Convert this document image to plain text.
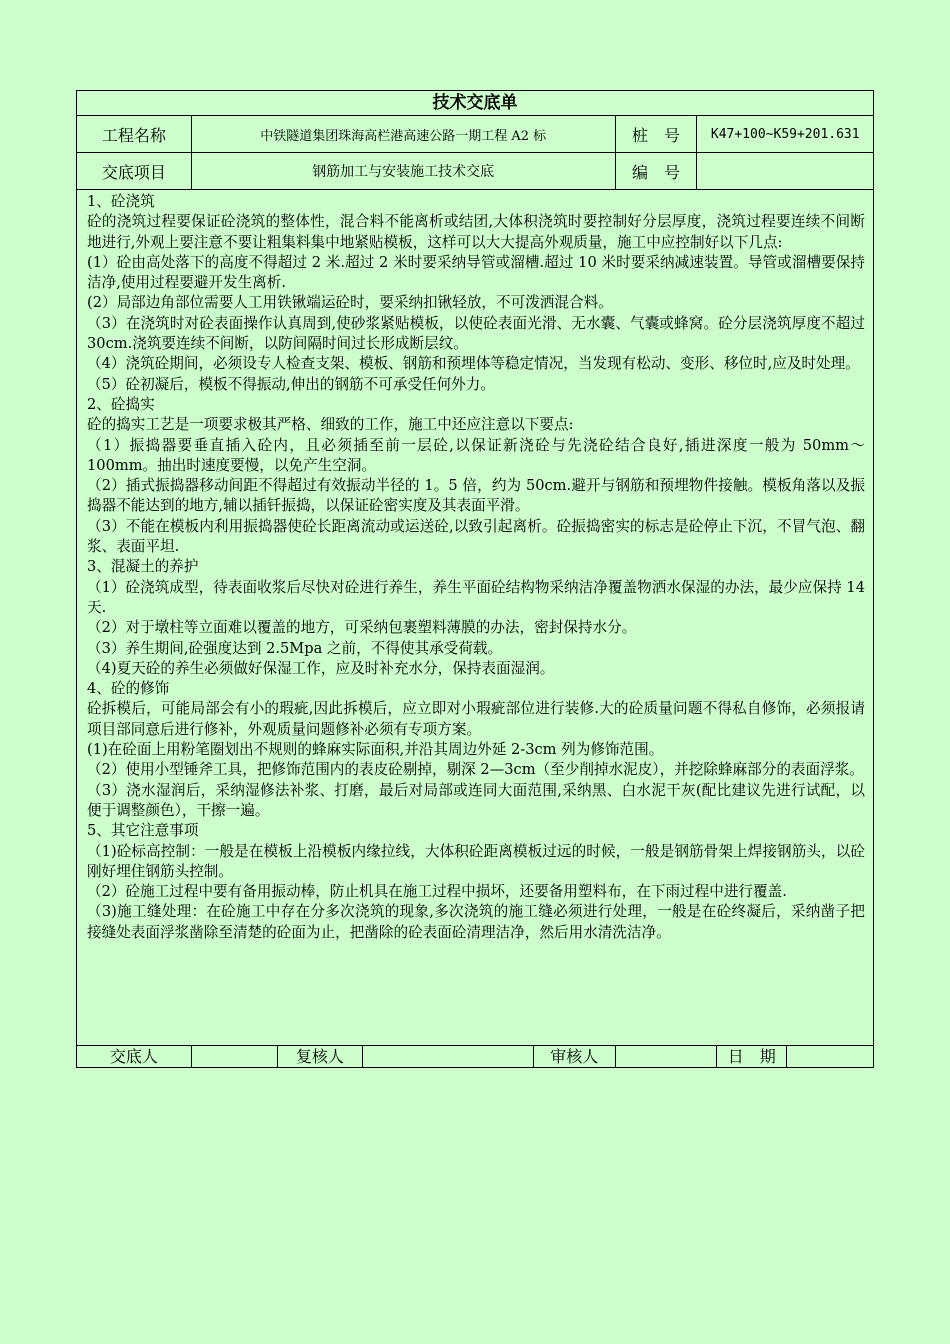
技术交底单
工程名称	中铁隧道集团珠海高栏港高速公路一期工程 A2 标	桩　号	K47+100~K59+201.631
交底项目	钢筋加工与安装施工技术交底	编　号

1、砼浇筑

砼的浇筑过程要保证砼浇筑的整体性，混合料不能离析或结团,大体积浇筑时要控制好分层厚度，浇筑过程要连续不间断地进行,外观上要注意不要让粗集料集中地紧贴模板，这样可以大大提高外观质量，施工中应控制好以下几点:

(1）砼由高处落下的高度不得超过 2 米.超过 2 米时要采纳导管或溜槽.超过 10 米时要采纳减速装置。导管或溜槽要保持洁净,使用过程要避开发生离析.

(2）局部边角部位需要人工用铁锹端运砼时，要采纳扣锹轻放，不可泼洒混合料。

（3）在浇筑时对砼表面操作认真周到,使砂浆紧贴模板，以使砼表面光滑、无水囊、气囊或蜂窝。砼分层浇筑厚度不超过 30cm.浇筑要连续不间断，以防间隔时间过长形成断层纹。

（4）浇筑砼期间，必须设专人检查支架、模板、钢筋和预埋体等稳定情况，当发现有松动、变形、移位时,应及时处理。

（5）砼初凝后，模板不得振动,伸出的钢筋不可承受任何外力。

2、砼捣实

砼的捣实工艺是一项要求极其严格、细致的工作，施工中还应注意以下要点:

（1）振捣器要垂直插入砼内，且必须插至前一层砼,以保证新浇砼与先浇砼结合良好,插进深度一般为 50mm～100mm。抽出时速度要慢，以免产生空洞。

（2）插式振捣器移动间距不得超过有效振动半径的 1。5 倍，约为 50cm.避开与钢筋和预埋物件接触。模板角落以及振捣器不能达到的地方,辅以插钎振捣，以保证砼密实度及其表面平滑。

（3）不能在模板内利用振捣器使砼长距离流动或运送砼,以致引起离析。砼振捣密实的标志是砼停止下沉，不冒气泡、翻浆、表面平坦.

3、混凝土的养护

（1）砼浇筑成型，待表面收浆后尽快对砼进行养生，养生平面砼结构物采纳洁净覆盖物洒水保湿的办法，最少应保持 14 天.

（2）对于墩柱等立面难以覆盖的地方，可采纳包裹塑料薄膜的办法，密封保持水分。

（3）养生期间,砼强度达到 2.5Mpa 之前，不得使其承受荷载。

（4)夏天砼的养生必须做好保湿工作，应及时补充水分，保持表面湿润。

4、砼的修饰

砼拆模后，可能局部会有小的瑕疵,因此拆模后，应立即对小瑕疵部位进行装修.大的砼质量问题不得私自修饰，必须报请项目部同意后进行修补，外观质量问题修补必须有专项方案。

(1)在砼面上用粉笔圈划出不规则的蜂麻实际面积,并沿其周边外延 2-3cm 列为修饰范围。

（2）使用小型锤斧工具，把修饰范围内的表皮砼剔掉，剔深 2—3cm（至少削掉水泥皮），并挖除蜂麻部分的表面浮浆。

（3）浇水湿润后，采纳湿修法补浆、打磨，最后对局部或连同大面范围,采纳黑、白水泥干灰(配比建议先进行试配，以便于调整颜色），干擦一遍。

5、其它注意事项

（1)砼标高控制：一般是在模板上沿模板内缘拉线，大体积砼距离模板过远的时候，一般是钢筋骨架上焊接钢筋头，以砼刚好埋住钢筋头控制。

（2）砼施工过程中要有备用振动棒，防止机具在施工过程中损坏，还要备用塑料布，在下雨过程中进行覆盖.

（3)施工缝处理：在砼施工中存在分多次浇筑的现象,多次浇筑的施工缝必须进行处理，一般是在砼终凝后，采纳凿子把接缝处表面浮浆凿除至清楚的砼面为止，把凿除的砼表面砼清理洁净，然后用水清洗洁净。

交底人	复核人	审核人	日　期
